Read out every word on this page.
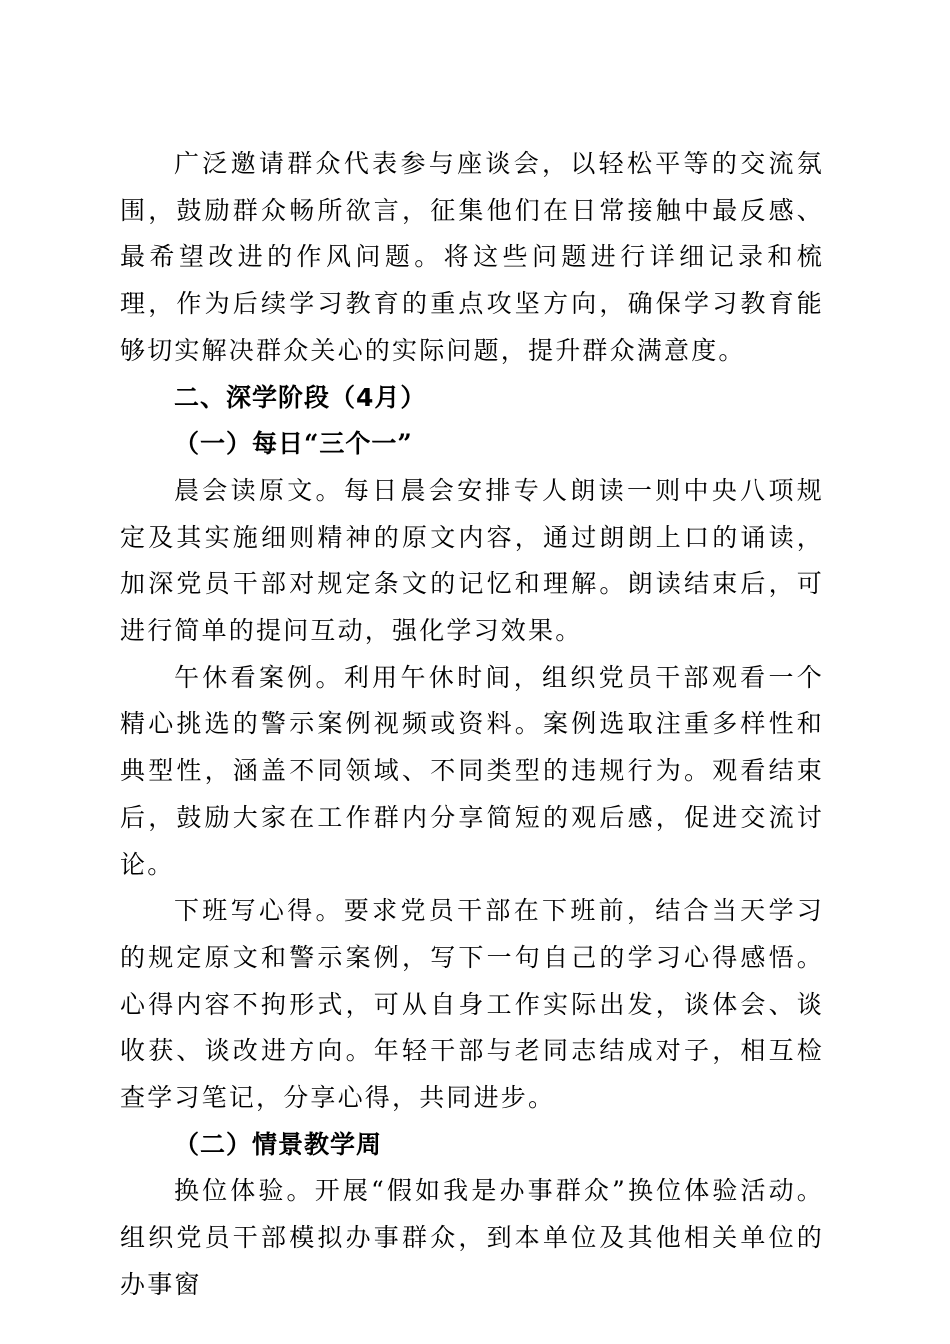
广泛邀请群众代表参与座谈会，以轻松平等的交流氛围，鼓励群众畅所欲言，征集他们在日常接触中最反感、最希望改进的作风问题。将这些问题进行详细记录和梳理，作为后续学习教育的重点攻坚方向，确保学习教育能够切实解决群众关心的实际问题，提升群众满意度。

二、深学阶段（4月）

（一）每日“三个一”

晨会读原文。每日晨会安排专人朗读一则中央八项规定及其实施细则精神的原文内容，通过朗朗上口的诵读，加深党员干部对规定条文的记忆和理解。朗读结束后，可进行简单的提问互动，强化学习效果。

午休看案例。利用午休时间，组织党员干部观看一个精心挑选的警示案例视频或资料。案例选取注重多样性和典型性，涵盖不同领域、不同类型的违规行为。观看结束后，鼓励大家在工作群内分享简短的观后感，促进交流讨论。

下班写心得。要求党员干部在下班前，结合当天学习的规定原文和警示案例，写下一句自己的学习心得感悟。心得内容不拘形式，可从自身工作实际出发，谈体会、谈收获、谈改进方向。年轻干部与老同志结成对子，相互检查学习笔记，分享心得，共同进步。

（二）情景教学周

换位体验。开展“假如我是办事群众”换位体验活动。组织党员干部模拟办事群众，到本单位及其他相关单位的办事窗
